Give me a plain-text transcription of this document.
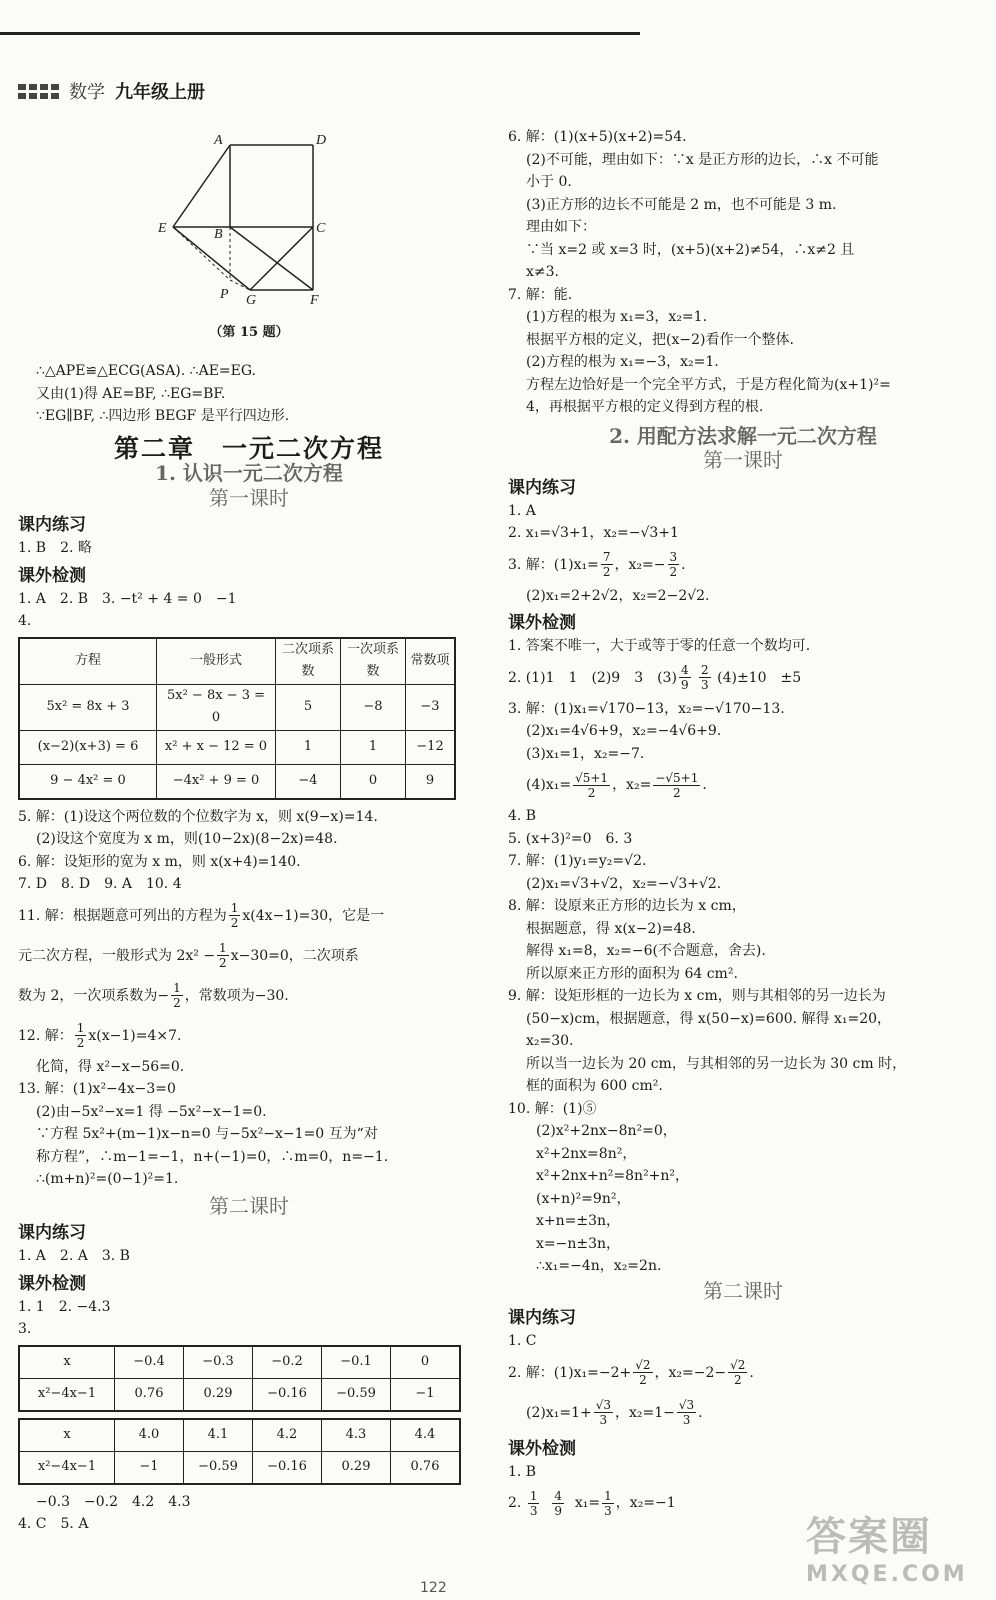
数学 九年级上册
A	D
E	B	C
P G	F
（第 15 题）
∴△APE≌△ECG(ASA). ∴AE=EG.
又由(1)得 AE=BF, ∴EG=BF.
∵EG∥BF, ∴四边形 BEGF 是平行四边形.
第二章　一元二次方程
1. 认识一元二次方程
第一课时
课内练习
1. B　2. 略
课外检测
1. A　2. B　3. −t² + 4 = 0　−1
4.
方程	一般形式	二次项系数	一次项系数	常数项
5x² = 8x + 3	5x² − 8x − 3 = 0	5	−8	−3
(x−2)(x+3) = 6	x² + x − 12 = 0	1	1	−12
9 − 4x² = 0	−4x² + 9 = 0	−4	0	9
5. 解：(1)设这个两位数的个位数字为 x，则 x(9−x)=14.
(2)设这个宽度为 x m，则(10−2x)(8−2x)=48.
6. 解：设矩形的宽为 x m，则 x(x+4)=140.
7. D　8. D　9. A　10. 4
11. 解：根据题意可列出的方程为 $\frac{1}{2} x(4x-1)=30$，它是一
元二次方程，一般形式为 $2x^2 - \frac{1}{2} x-30=0$，二次项系
数为 2，一次项系数为− $\frac{1}{2}$ ，常数项为−30.
12. 解： $\frac{1}{2} x(x-1)=4\times 7$.
化简，得 x²−x−56=0.
13. 解：(1)x²−4x−3=0
(2)由−5x²−x=1 得 −5x²−x−1=0.
∵方程 5x²+(m−1)x−n=0 与−5x²−x−1=0 互为“对
称方程”，∴m−1=−1，n+(−1)=0，∴m=0，n=−1.
∴(m+n)²=(0−1)²=1.
第二课时
课内练习
1. A　2. A　3. B
课外检测
1. 1　2. −4.3
3.
x	−0.4	−0.3	−0.2	−0.1	0
x²−4x−1	0.76	0.29	−0.16	−0.59	−1
x	4.0	4.1	4.2	4.3	4.4
x²−4x−1	−1	−0.59	−0.16	0.29	0.76
−0.3　−0.2　4.2　4.3
4. C　5. A
6. 解：(1)(x+5)(x+2)=54.
(2)不可能，理由如下：∵x 是正方形的边长，∴x 不可能
小于 0.
(3)正方形的边长不可能是 2 m，也不可能是 3 m.
理由如下：
∵当 x=2 或 x=3 时，(x+5)(x+2)≠54，∴x≠2 且
x≠3.
7. 解：能.
(1)方程的根为 x₁=3，x₂=1.
根据平方根的定义，把(x−2)看作一个整体.
(2)方程的根为 x₁=−3，x₂=1.
方程左边恰好是一个完全平方式，于是方程化简为(x+1)²=
4，再根据平方根的定义得到方程的根.
2. 用配方法求解一元二次方程
第一课时
课内练习
1. A
2. x₁=√3+1，x₂=−√3+1
3. 解：$(1)x_1= \frac{7}{2}$ ，$x_2=- \frac{3}{2}$ .
(2)x₁=2+2√2，x₂=2−2√2.
课外检测
1. 答案不唯一，大于或等于零的任意一个数均可.
2. (1)1　1　(2)9　3　$(3) \frac{4}{9}$
$\frac{2}{3} (4)\pm 10$　±5
3. 解：(1)x₁=√170−13，x₂=−√170−13.
(2)x₁=4√6+9，x₂=−4√6+9.
(3)x₁=1，x₂=−7.
$(4)x_1= \frac{√5+1}{2}$ ，$x_2= \frac{-√5+1}{2}$ .
4. B
5. (x+3)²=0　6. 3
7. 解：(1)y₁=y₂=√2.
(2)x₁=√3+√2，x₂=−√3+√2.
8. 解：设原来正方形的边长为 x cm，
根据题意，得 x(x−2)=48.
解得 x₁=8，x₂=−6(不合题意，舍去).
所以原来正方形的面积为 64 cm².
9. 解：设矩形框的一边长为 x cm，则与其相邻的另一边长为
(50−x)cm，根据题意，得 x(50−x)=600. 解得 x₁=20，
x₂=30.
所以当一边长为 20 cm，与其相邻的另一边长为 30 cm 时，
框的面积为 600 cm².
10. 解：(1)⑤
(2)x²+2nx−8n²=0，
x²+2nx=8n²，
x²+2nx+n²=8n²+n²，
(x+n)²=9n²，
x+n=±3n，
x=−n±3n，
∴x₁=−4n，x₂=2n.
第二课时
课内练习
1. C
2. 解：$(1)x_1=-2+ \frac{√2}{2}$ ，$x_2=-2- \frac{√2}{2}$ .
$(2)x_1=1+ \frac{√3}{3}$ ，$x_2=1- \frac{√3}{3}$ .
课外检测
1. B
2. $\frac{1}{3}$
$\frac{4}{9} x_1= \frac{1}{3}$ ，x₂=−1
答案圈
MXQE.COM
122
